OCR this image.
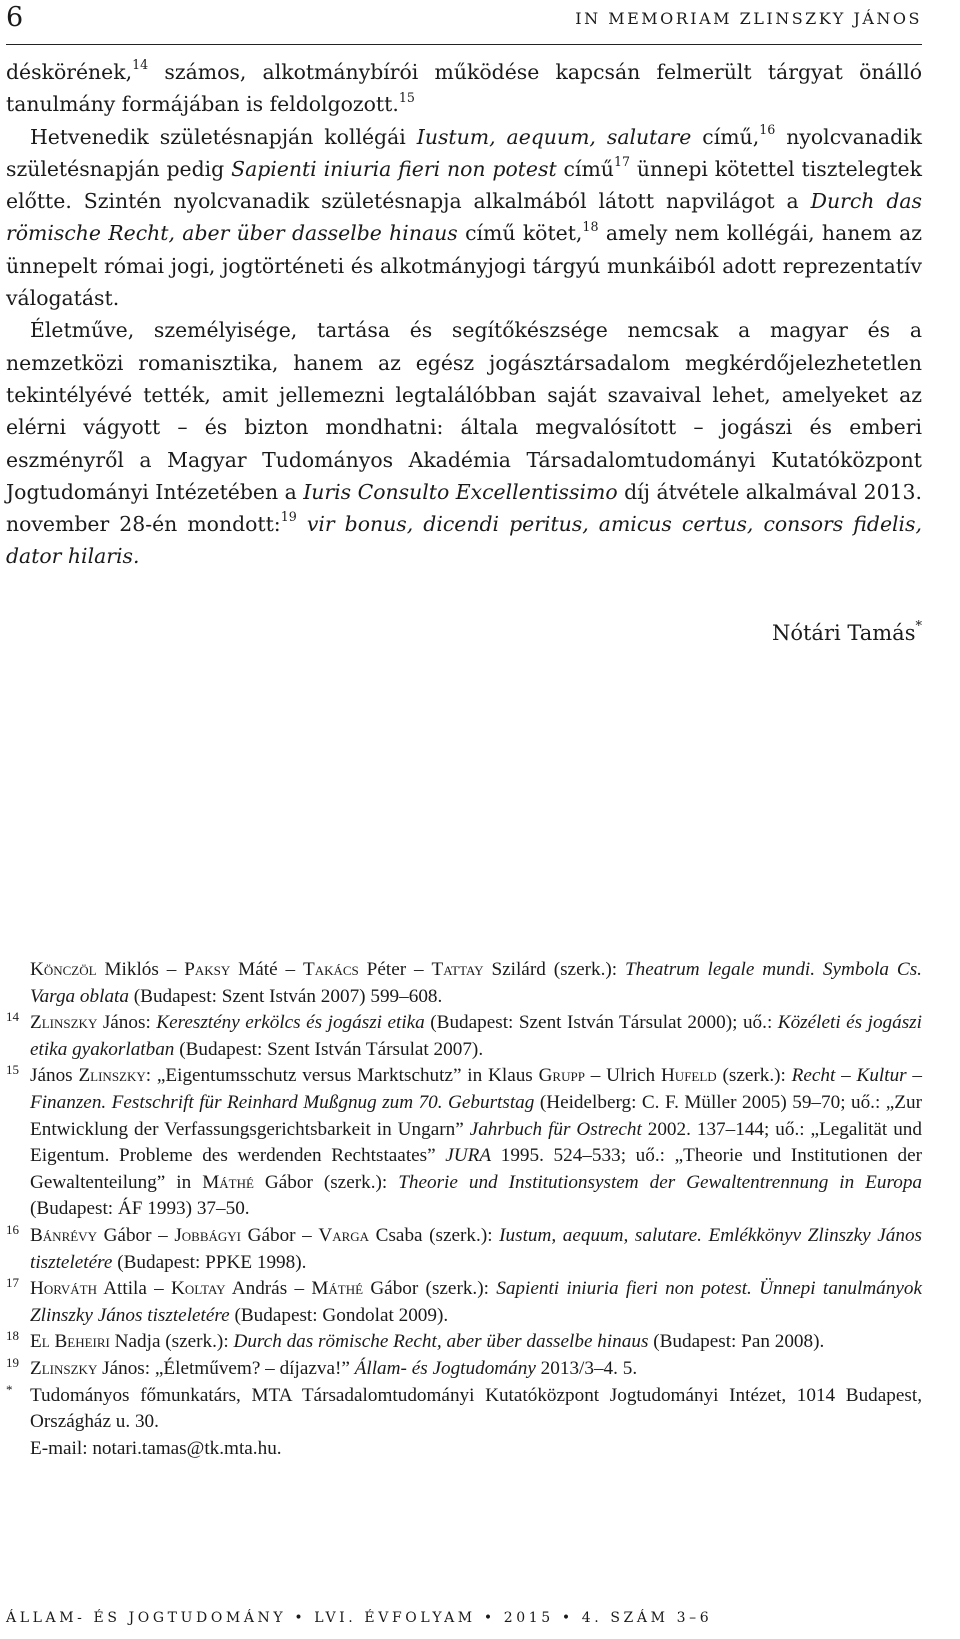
6	IN MEMORIAM ZLINSZKY JÁNOS

déskörének,$^{14}$ számos, alkotmánybírói működése kapcsán felmerült tárgyat önálló tanulmány formájában is feldolgozott.$^{15}$

Hetvenedik születésnapján kollégái Iustum, aequum, salutare című,$^{16}$ nyolcvanadik születésnapján pedig Sapienti iniuria fieri non potest című$^{17}$ ünnepi kötettel tisztelegtek előtte. Szintén nyolcvanadik születésnapja alkalmából látott napvilágot a Durch das römische Recht, aber über dasselbe hinaus című kötet,$^{18}$ amely nem kollégái, hanem az ünnepelt római jogi, jogtörténeti és alkotmányjogi tárgyú munkáiból adott reprezentatív válogatást.

Életműve, személyisége, tartása és segítőkészsége nemcsak a magyar és a nemzetközi romanisztika, hanem az egész jogásztársadalom megkérdőjelezhetetlen tekintélyévé tették, amit jellemezni legtalálóbban saját szavaival lehet, amelyeket az elérni vágyott – és bizton mondhatni: általa megvalósított – jogászi és emberi eszményről a Magyar Tudományos Akadémia Társadalomtudományi Kutatóközpont Jogtudományi Intézetében a Iuris Consulto Excellentissimo díj átvétele alkalmával 2013. november 28-én mondott:$^{19}$ vir bonus, dicendi peritus, amicus certus, consors fidelis, dator hilaris.

Nótári Tamás*
Könczöl Miklós – Paksy Máté – Takács Péter – Tattay Szilárd (szerk.): Theatrum legale mundi. Symbola Cs. Varga oblata (Budapest: Szent István 2007) 599–608.
14 Zlinszky János: Keresztény erkölcs és jogászi etika (Budapest: Szent István Társulat 2000); uő.: Közéleti és jogászi etika gyakorlatban (Budapest: Szent István Társulat 2007).
15 János Zlinszky: „Eigentumsschutz versus Marktschutz” in Klaus Grupp – Ulrich Hufeld (szerk.): Recht – Kultur – Finanzen. Festschrift für Reinhard Mußgnug zum 70. Geburtstag (Heidelberg: C. F. Müller 2005) 59–70; uő.: „Zur Entwicklung der Verfassungsgerichtsbarkeit in Ungarn” Jahrbuch für Ostrecht 2002. 137–144; uő.: „Legalität und Eigentum. Probleme des werdenden Rechtstaates” JURA 1995. 524–533; uő.: „Theorie und Institutionen der Gewaltenteilung” in Máthé Gábor (szerk.): Theorie und Institutionsystem der Gewaltentrennung in Europa (Budapest: ÁF 1993) 37–50.
16 Bánrévy Gábor – Jobbágyi Gábor – Varga Csaba (szerk.): Iustum, aequum, salutare. Emlékkönyv Zlinszky János tiszteletére (Budapest: PPKE 1998).
17 Horváth Attila – Koltay András – Máthé Gábor (szerk.): Sapienti iniuria fieri non potest. Ünnepi tanulmányok Zlinszky János tiszteletére (Budapest: Gondolat 2009).
18 El Beheiri Nadja (szerk.): Durch das römische Recht, aber über dasselbe hinaus (Budapest: Pan 2008).
19 Zlinszky János: „Életművem? – díjazva!” Állam- és Jogtudomány 2013/3–4. 5.
* Tudományos főmunkatárs, MTA Társadalomtudományi Kutatóközpont Jogtudományi Intézet, 1014 Budapest, Országház u. 30.
E-mail: notari.tamas@tk.mta.hu.
ÁLLAM- ÉS JOGTUDOMÁNY • LVI. ÉVFOLYAM • 2015 • 4. SZÁM 3–6
